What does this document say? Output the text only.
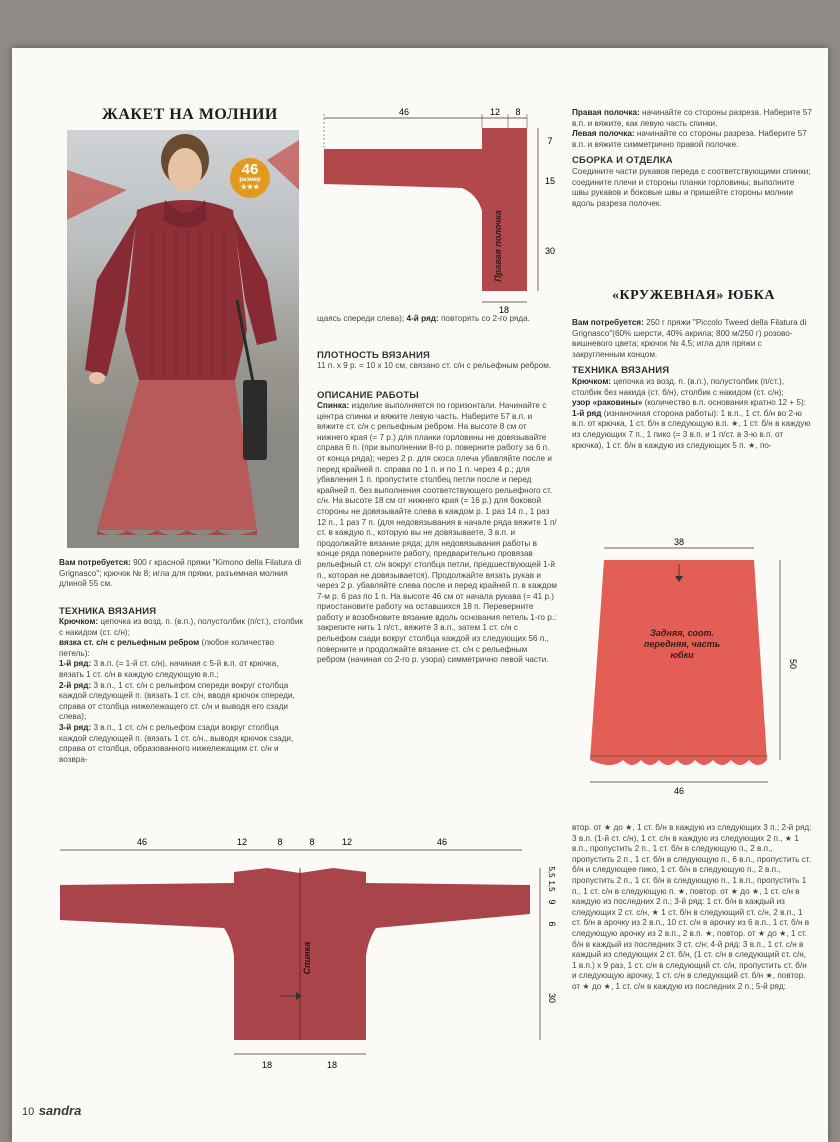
ЖАКЕТ НА МОЛНИИ
46
размер
★★★
Вам потребуется: 900 г красной пряжи "Kimono della Filatura di Grignasco"; крючок № 8; игла для пряжи, разъемная молния длиной 55 см.
ТЕХНИКА ВЯЗАНИЯ
Крючком: цепочка из возд. п. (в.п.), полустолбик (п/ст.), столбик с накидом (ст. с/н);
вязка ст. с/н с рельефным ребром (любое количество петель):
1-й ряд: 3 в.п. (= 1-й ст. с/н), начиная с 5-й в.п. от крючка, вязать 1 ст. с/н в каждую следующую в.п.;
2-й ряд: 3 в.п., 1 ст. с/н с рельефом спереди вокруг столбца каждой следующей п. (вязать 1 ст. с/н, вводя крючок спереди, справа от столбца нижележащего ст. с/н и выводя его сзади слева);
3-й ряд: 3 в.п., 1 ст. с/н с рельефом сзади вокруг столбца каждой следующей п. (вязать 1 ст. с/н., выводя крючок сзади, справа от столбца, образованного нижележащим ст. с/н и возвра-
46	12 8
7
15
30
18
Правая полочка
щаясь спереди слева); 4-й ряд: повторять со 2-го ряда.
ПЛОТНОСТЬ ВЯЗАНИЯ
11 п. х 9 р. = 10 х 10 см, связано ст. с/н с рельефным ребром.
ОПИСАНИЕ РАБОТЫ
Спинка: изделие выполняется по горизонтали. Начинайте с центра спинки и вяжите левую часть. Наберите 57 в.п. и вяжите ст. с/н с рельефным ребром. На высоте 8 см от нижнего края (= 7 р.) для планки горловины не довязывайте справа 6 п. (при выполнении 8-го р. поверните работу за 6 п. от конца ряда); через 2 р. для скоса плеча убавляйте после и перед крайней п. справа по 1 п. и по 1 п. через 4 р.; для убавления 1 п. пропустите столбец петли после и перед крайней п. без выполнения соответствующего рельефного ст. с/н. На высоте 18 см от нижнего края (= 16 р.) для боковой стороны не довязывайте слева в каждом р. 1 раз 14 п., 1 раз 12 п., 1 раз 7 п. (для недовязывания в начале ряда вяжите 1 п/ст. в каждую п., которую вы не довязываете, 3 в.п. и продолжайте вязание ряда; для недовязывания работы в конце ряда поверните работу, предварительно провязав рельефный ст. с/н вокруг столбца петли, предшествующей 1-й п., которая не довязывается). Продолжайте вязать рукав и через 2 р. убавляйте слева после и перед крайней п. в каждом 7-м р. 6 раз по 1 п. На высоте 46 см от начала рукава (= 41 р.) приостановите работу на оставшихся 18 п. Переверните работу и возобновите вязание вдоль основания петель 1-го р.: закрепите нить 1 п/ст., вяжите 3 в.п., затем 1 ст. с/н с рельефом сзади вокруг столбца каждой из следующих 56 п., поверните и продолжайте вязание ст. с/н с рельефным ребром (начиная со 2-го р. узора) симметрично левой части.
Правая полочка: начинайте со стороны разреза. Наберите 57 в.п. и вяжите, как левую часть спинки.
Левая полочка: начинайте со стороны разреза. Наберите 57 в.п. и вяжите симметрично правой полочке.
СБОРКА И ОТДЕЛКА
Соедините части рукавов переда с соответствующими спинки; соедините плечи и стороны планки горловины; выполните швы рукавов и боковые швы и пришейте стороны молнии вдоль разреза полочек.
«КРУЖЕВНАЯ» ЮБКА
Вам потребуется: 250 г пряжи "Piccolo Tweed della Filatura di Grignasco"(60% шерсти, 40% акрила; 800 м/250 г) розово-вишневого цвета; крючок № 4,5; игла для пряжи с закругленным концом.
ТЕХНИКА ВЯЗАНИЯ
Крючком: цепочка из возд. п. (в.п.), полустолбик (п/ст.), столбик без накида (ст. б/н), столбик с накидом (ст. с/н);
узор «раковины» (количество в.п. основания кратно 12 + 5):
1-й ряд (изнаночная сторона работы): 1 в.п., 1 ст. б/н во 2-ю в.п. от крючка, 1 ст. б/н в следующую в.п. ★, 1 ст. б/н в каждую из следующих 7 п., 1 пико (= 3 в.п. и 1 п/ст. в 3-ю в.п. от крючка), 1 ст. б/н в каждую из следующих 5 п. ★, по-
38
50
46
Задняя, соот. передняя, часть юбки
втор. от ★ до ★, 1 ст. б/н в каждую из следующих 3 п.; 2-й ряд: 3 в.п. (1-й ст. с/н), 1 ст. с/н в каждую из следующих 2 п., ★ 1 в.п., пропустить 2 п., 1 ст. б/н в следующую п., 2 в.п., пропустить 2 п., 1 ст. б/н в следующую п., 6 в.п., пропустить ст. б/н и следующее пико, 1 ст. б/н в следующую п., 2 в.п., пропустить 2 п., 1 ст. б/н в следующую п., 1 в.п., пропустить 1 п., 1 ст. с/н в следующую п. ★, повтор. от ★ до ★, 1 ст. с/н в каждую из последних 2 п.; 3-й ряд: 1 ст. б/н в каждый из следующих 2 ст. с/н, ★ 1 ст. б/н в следующий ст. с/н, 2 в.п., 1 ст. б/н в арочку из 2 в.п., 10 ст. с/н в арочку из 6 в.п., 1 ст. б/н в следующую арочку из 2 в.п., 2 в.п. ★, повтор. от ★ до ★, 1 ст. б/н в каждый из последних 3 ст. с/н; 4-й ряд: 3 в.п., 1 ст. с/н в каждый из следующих 2 ст. б/н, (1 ст. с/н в следующий ст. с/н, 1 в.п.) х 9 раз, 1 ст. с/н в следующий ст. с/н, пропустить ст. б/н и следующую арочку, 1 ст. с/н в следующий ст. б/н ★, повтор. от ★ до ★, 1 ст. с/н в каждую из последних 2 п.; 5-й ряд:
46	12	8	8	12	46
Спинка
5,5
1,5
9
6
30
18	18
10 sandra
